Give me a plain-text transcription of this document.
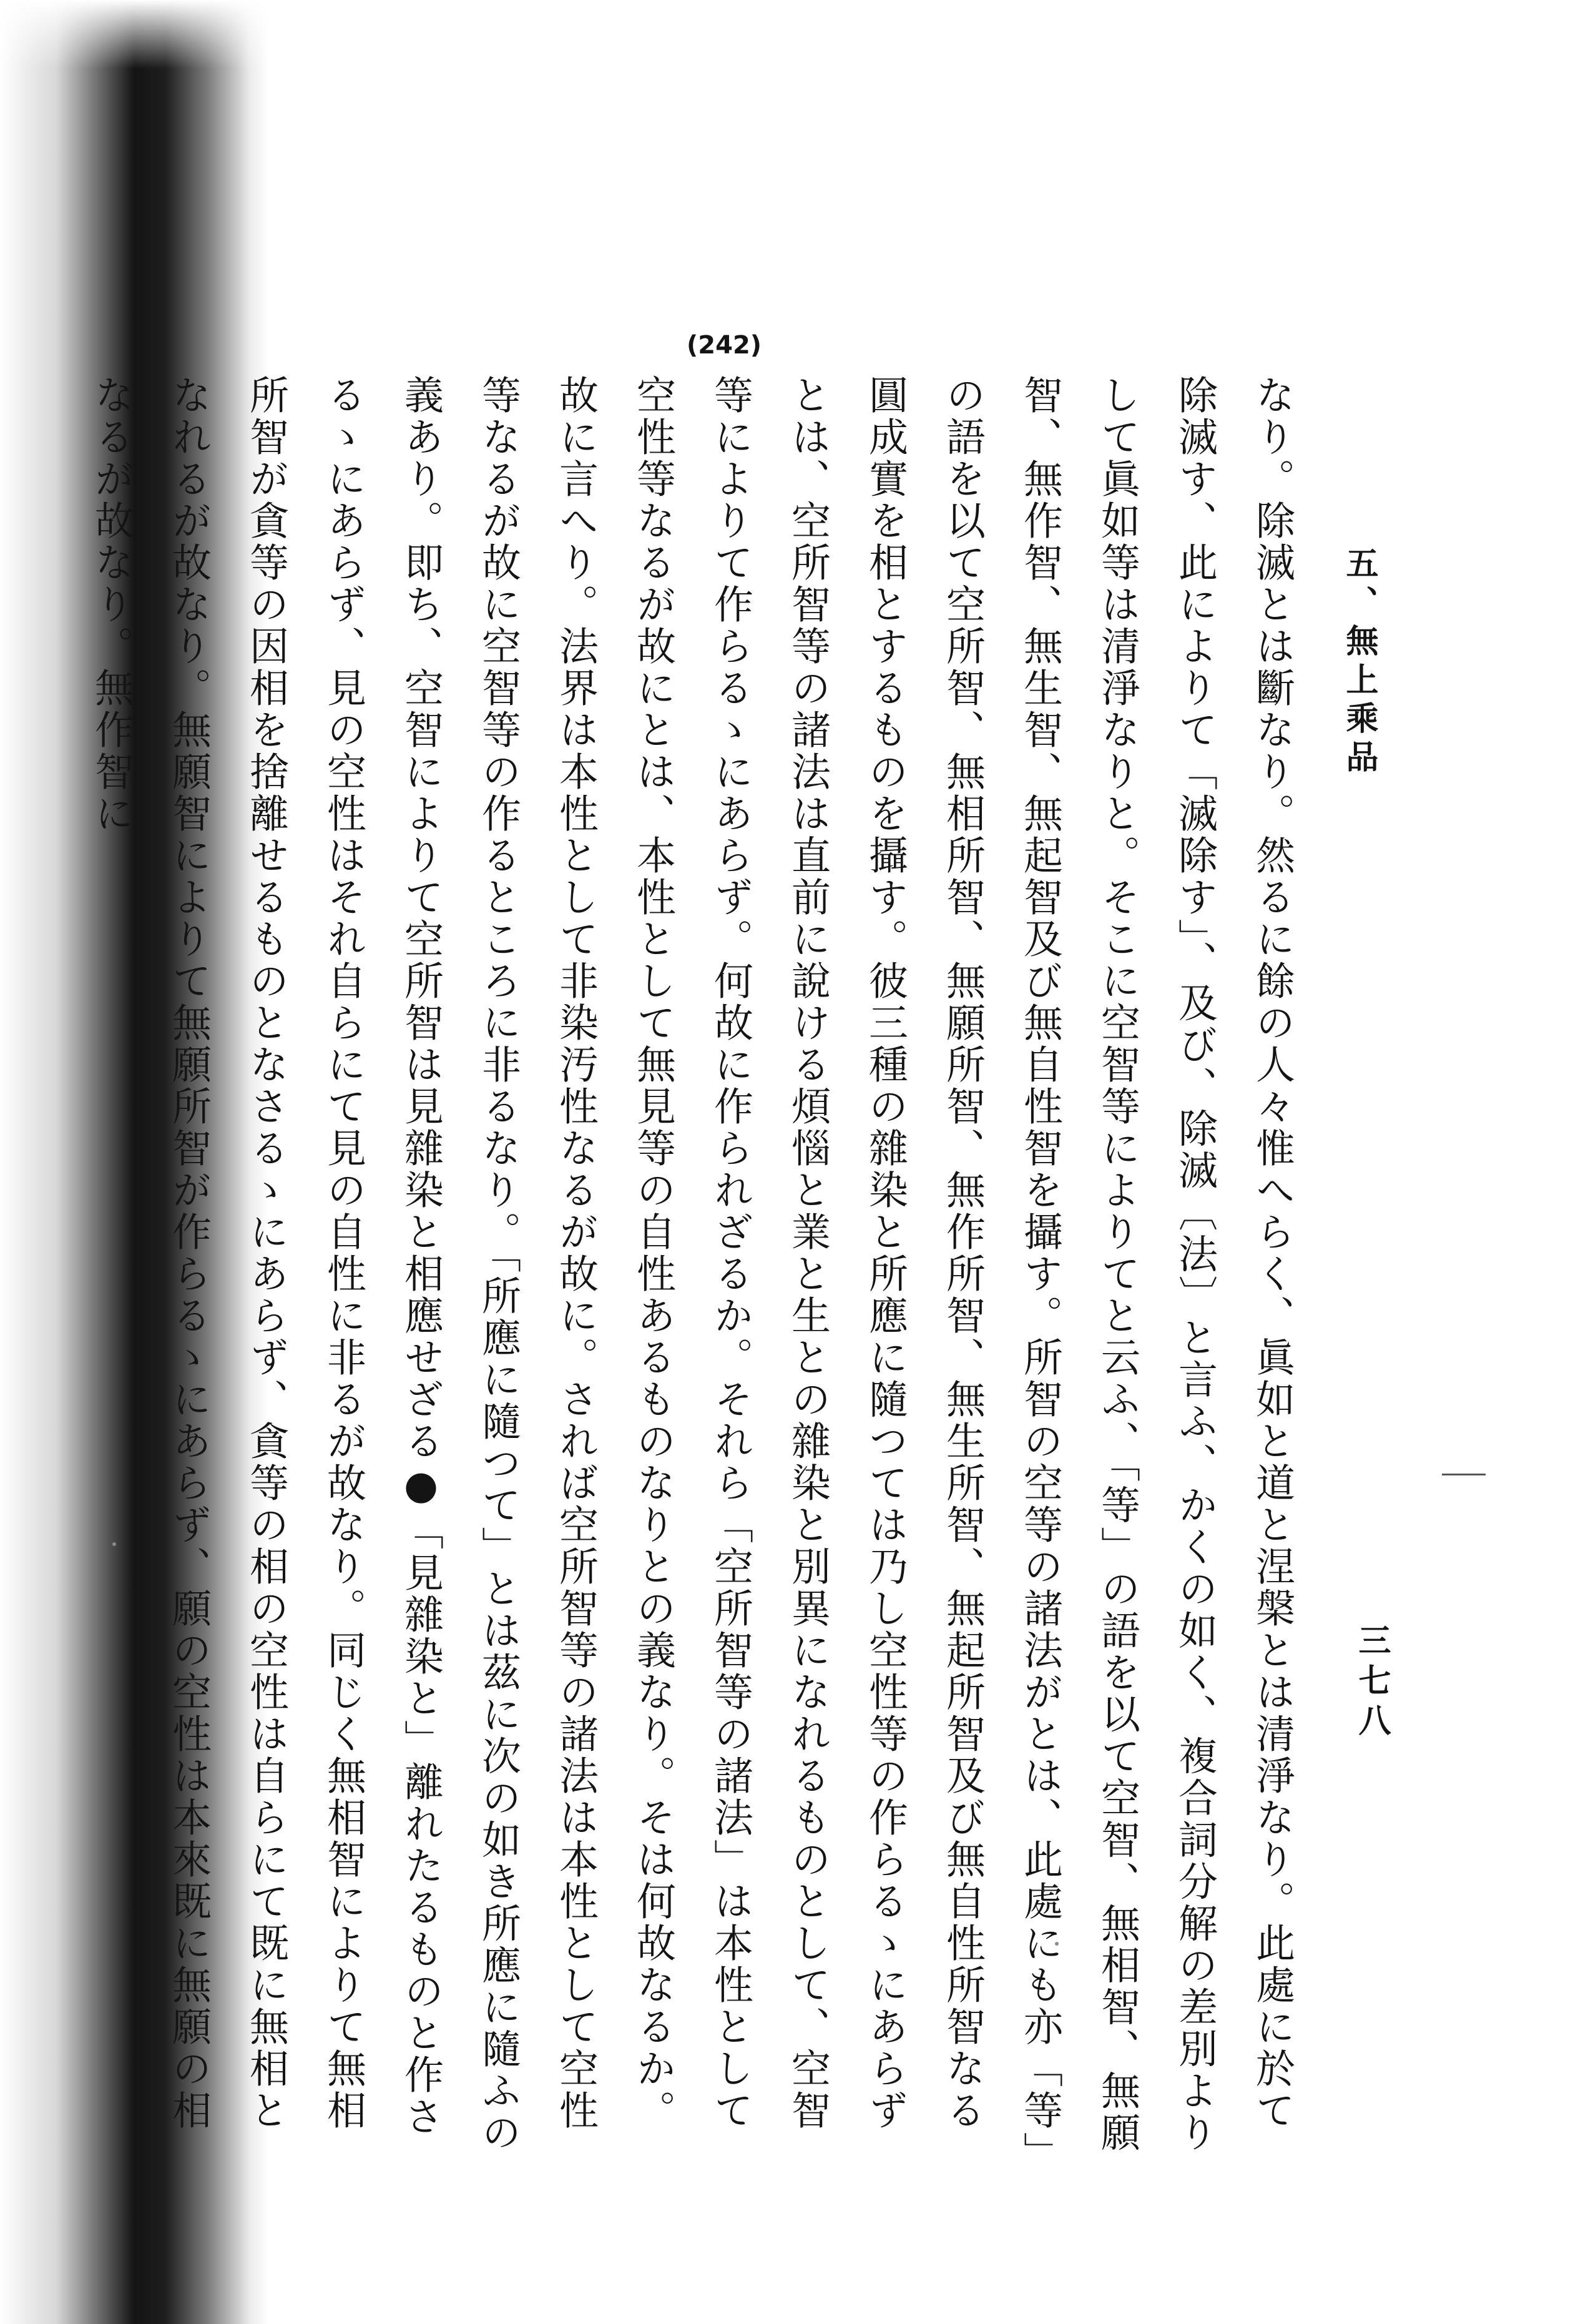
五、無上乘品
三七八
(242)

なり。除滅とは斷なり。然るに餘の人々惟へらく、眞如と道と涅槃とは清淨なり。此處に於て除滅す、此によりて「滅除す」、及び、除滅〔法〕と言ふ、かくの如く、複合詞分解の差別よりして眞如等は清淨なりと。そこに空智等によりてと云ふ、「等」の語を以て空智、無相智、無願智、無作智、無生智、無起智及び無自性智を攝す。所智の空等の諸法がとは、此處にも亦「等」の語を以て空所智、無相所智、無願所智、無作所智、無生所智、無起所智及び無自性所智なる圓成實を相とするものを攝す。彼三種の雜染と所應に隨つては乃し空性等の作らるゝにあらずとは、空所智等の諸法は直前に說ける煩惱と業と生との雜染と別異になれるものとして、空智等によりて作らるゝにあらず。何故に作られざるか。それら「空所智等の諸法」は本性として空性等なるが故にとは、本性として無見等の自性あるものなりとの義なり。そは何故なるか。故に言へり。法界は本性として非染汚性なるが故に。されば空所智等の諸法は本性として空性等なるが故に空智等の作るところに非るなり。「所應に隨つて」とは茲に次の如き所應に隨ふの義あり。即ち、空智によりて空所智は見雜染と相應せざる●「見雜染と」離れたるものと作さるゝにあらず、見の空性はそれ自らにて見の自性に非るが故なり。同じく無相智によりて無相所智が貪等の因相を捨離せるものとなさるゝにあらず、貪等の相の空性は自らにて既に無相となれるが故なり。無願智によりて無願所智が作らるゝにあらず、願の空性は本來既に無願の相なるが故なり。無作智に
